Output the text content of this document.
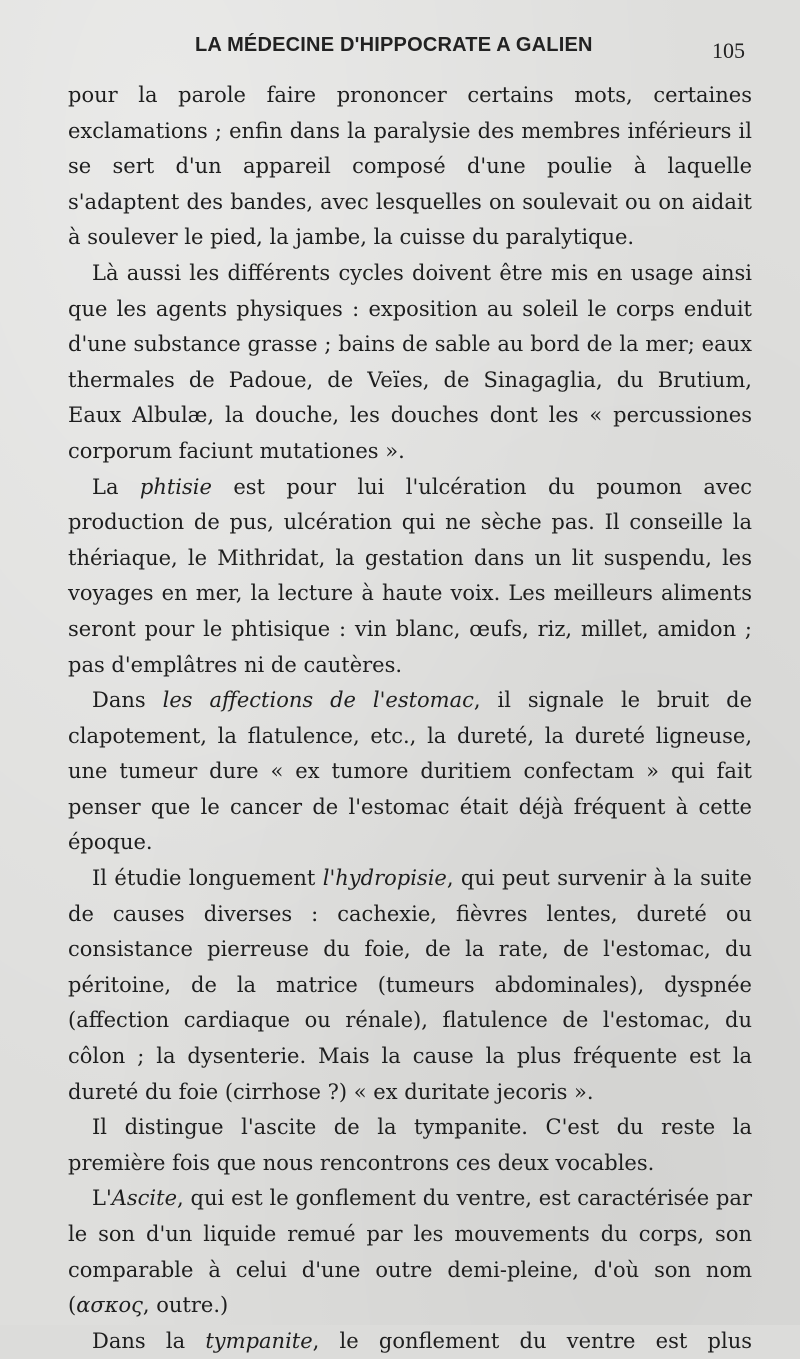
LA MÉDECINE D'HIPPOCRATE A GALIEN	105

pour la parole faire prononcer certains mots, certaines exclamations ; enfin dans la paralysie des membres inférieurs il se sert d'un appareil composé d'une poulie à laquelle s'adaptent des bandes, avec lesquelles on soulevait ou on aidait à soulever le pied, la jambe, la cuisse du paralytique.

Là aussi les différents cycles doivent être mis en usage ainsi que les agents physiques : exposition au soleil le corps enduit d'une substance grasse ; bains de sable au bord de la mer; eaux thermales de Padoue, de Veïes, de Sinagaglia, du Brutium, Eaux Albulæ, la douche, les douches dont les « percussiones corporum faciunt mutationes ».

La phtisie est pour lui l'ulcération du poumon avec production de pus, ulcération qui ne sèche pas. Il conseille la thériaque, le Mithridat, la gestation dans un lit suspendu, les voyages en mer, la lecture à haute voix. Les meilleurs aliments seront pour le phtisique : vin blanc, œufs, riz, millet, amidon ; pas d'emplâtres ni de cautères.

Dans les affections de l'estomac, il signale le bruit de clapotement, la flatulence, etc., la dureté, la dureté ligneuse, une tumeur dure « ex tumore duritiem confectam » qui fait penser que le cancer de l'estomac était déjà fréquent à cette époque.

Il étudie longuement l'hydropisie, qui peut survenir à la suite de causes diverses : cachexie, fièvres lentes, dureté ou consistance pierreuse du foie, de la rate, de l'estomac, du péritoine, de la matrice (tumeurs abdominales), dyspnée (affection cardiaque ou rénale), flatulence de l'estomac, du côlon ; la dysenterie. Mais la cause la plus fréquente est la dureté du foie (cirrhose ?) « ex duritate jecoris ».

Il distingue l'ascite de la tympanite. C'est du reste la première fois que nous rencontrons ces deux vocables.

L'Ascite, qui est le gonflement du ventre, est caractérisée par le son d'un liquide remué par les mouvements du corps, son comparable à celui d'une outre demi-pleine, d'où son nom (ασκος, outre.)

Dans la tympanite, le gonflement du ventre est plus
